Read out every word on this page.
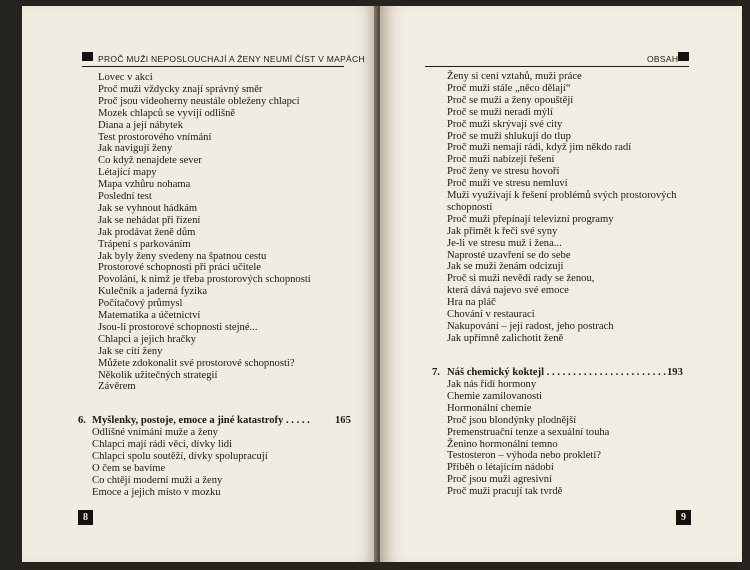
PROČ MUŽI NEPOSLOUCHAJÍ A ŽENY NEUMÍ ČÍST V MAPÁCH
Lovec v akci
Proč muži vždycky znají správný směr
Proč jsou videoherny neustále obleženy chlapci
Mozek chlapců se vyvíjí odlišně
Diana a její nábytek
Test prostorového vnímání
Jak navigují ženy
Co když nenajdete sever
Létající mapy
Mapa vzhůru nohama
Poslední test
Jak se vyhnout hádkám
Jak se nehádat při řízení
Jak prodávat ženě dům
Trápení s parkováním
Jak byly ženy svedeny na špatnou cestu
Prostorové schopnosti při práci učitele
Povolání, k nimž je třeba prostorových schopností
Kulečník a jaderná fyzika
Počítačový průmysl
Matematika a účetnictví
Jsou-li prostorové schopnosti stejné...
Chlapci a jejich hračky
Jak se cítí ženy
Můžete zdokonalit své prostorové schopnosti?
Několik užitečných strategií
Závěrem
6. Myšlenky, postoje, emoce a jiné katastrofy . . . . . 165
Odlišné vnímání muže a ženy
Chlapci mají rádi věci, dívky lidi
Chlapci spolu soutěží, dívky spolupracují
O čem se bavíme
Co chtějí moderní muži a ženy
Emoce a jejich místo v mozku
8
OBSAH
Ženy si cení vztahů, muži práce
Proč muži stále „něco dělají“
Proč se muži a ženy opouštějí
Proč se muži neradi mýlí
Proč muži skrývají své city
Proč se muži shlukují do tlup
Proč muži nemají rádi, když jim někdo radí
Proč muži nabízejí řešení
Proč ženy ve stresu hovoří
Proč muži ve stresu nemluví
Muži využívají k řešení problémů svých prostorových
schopností
Proč muži přepínají televizní programy
Jak přimět k řeči své syny
Je-li ve stresu muž i žena...
Naprosté uzavření se do sebe
Jak se muži ženám odcizují
Proč si muži nevědí rady se ženou,
která dává najevo své emoce
Hra na pláč
Chování v restauraci
Nakupování – její radost, jeho postrach
Jak upřímně zalichotit ženě
7. Náš chemický koktejl . . . . . . . . . . . . . . . . . . . . . . . 193
Jak nás řídí hormony
Chemie zamilovanosti
Hormonální chemie
Proč jsou blondýnky plodnější
Premenstruační tenze a sexuální touha
Ženino hormonální temno
Testosteron – výhoda nebo prokletí?
Příběh o létajícím nádobí
Proč jsou muži agresivní
Proč muži pracují tak tvrdě
9
